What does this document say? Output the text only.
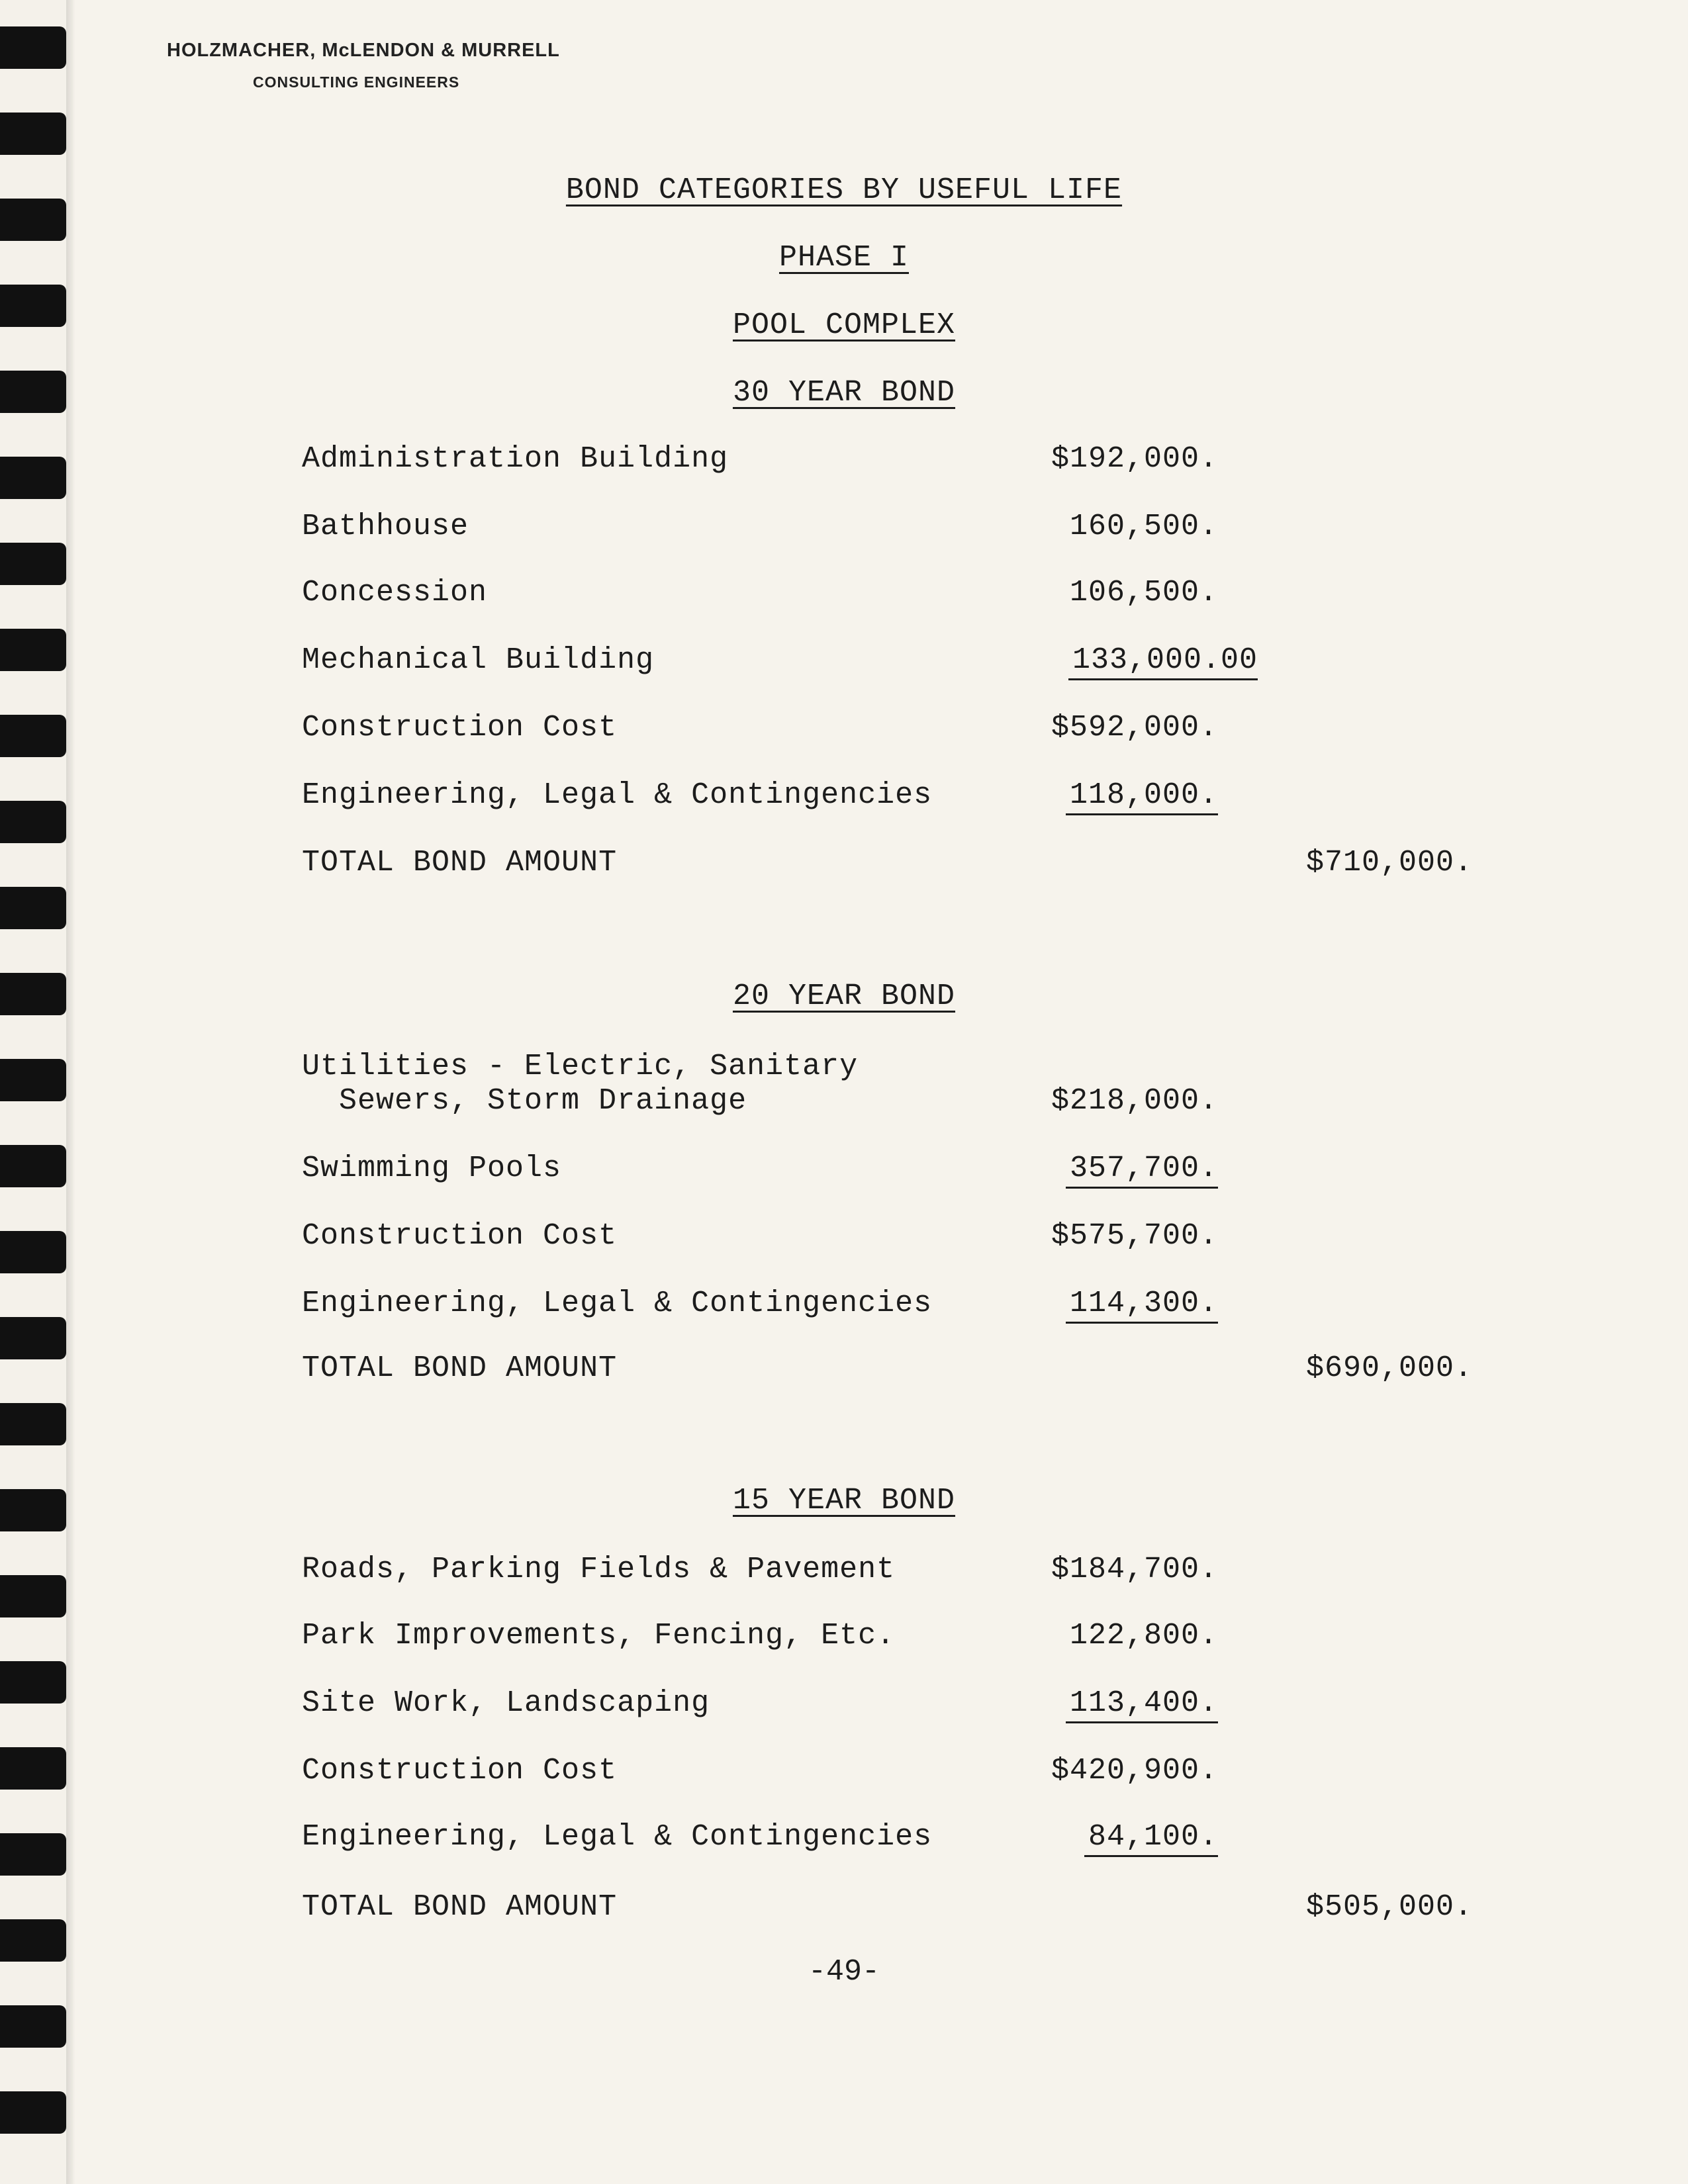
HOLZMACHER, McLENDON & MURRELL
CONSULTING ENGINEERS
BOND CATEGORIES BY USEFUL LIFE
PHASE I
POOL COMPLEX
30 YEAR BOND
Administration Building	$192,000.
Bathhouse	160,500.
Concession	106,500.
Mechanical Building	133,000.00
Construction Cost	$592,000.
Engineering, Legal & Contingencies	118,000.
TOTAL BOND AMOUNT	$710,000.
20 YEAR BOND
Utilities - Electric, Sanitary
Sewers, Storm Drainage	$218,000.
Swimming Pools	357,700.
Construction Cost	$575,700.
Engineering, Legal & Contingencies	114,300.
TOTAL BOND AMOUNT	$690,000.
15 YEAR BOND
Roads, Parking Fields & Pavement	$184,700.
Park Improvements, Fencing, Etc.	122,800.
Site Work, Landscaping	113,400.
Construction Cost	$420,900.
Engineering, Legal & Contingencies	84,100.
TOTAL BOND AMOUNT	$505,000.
-49-
